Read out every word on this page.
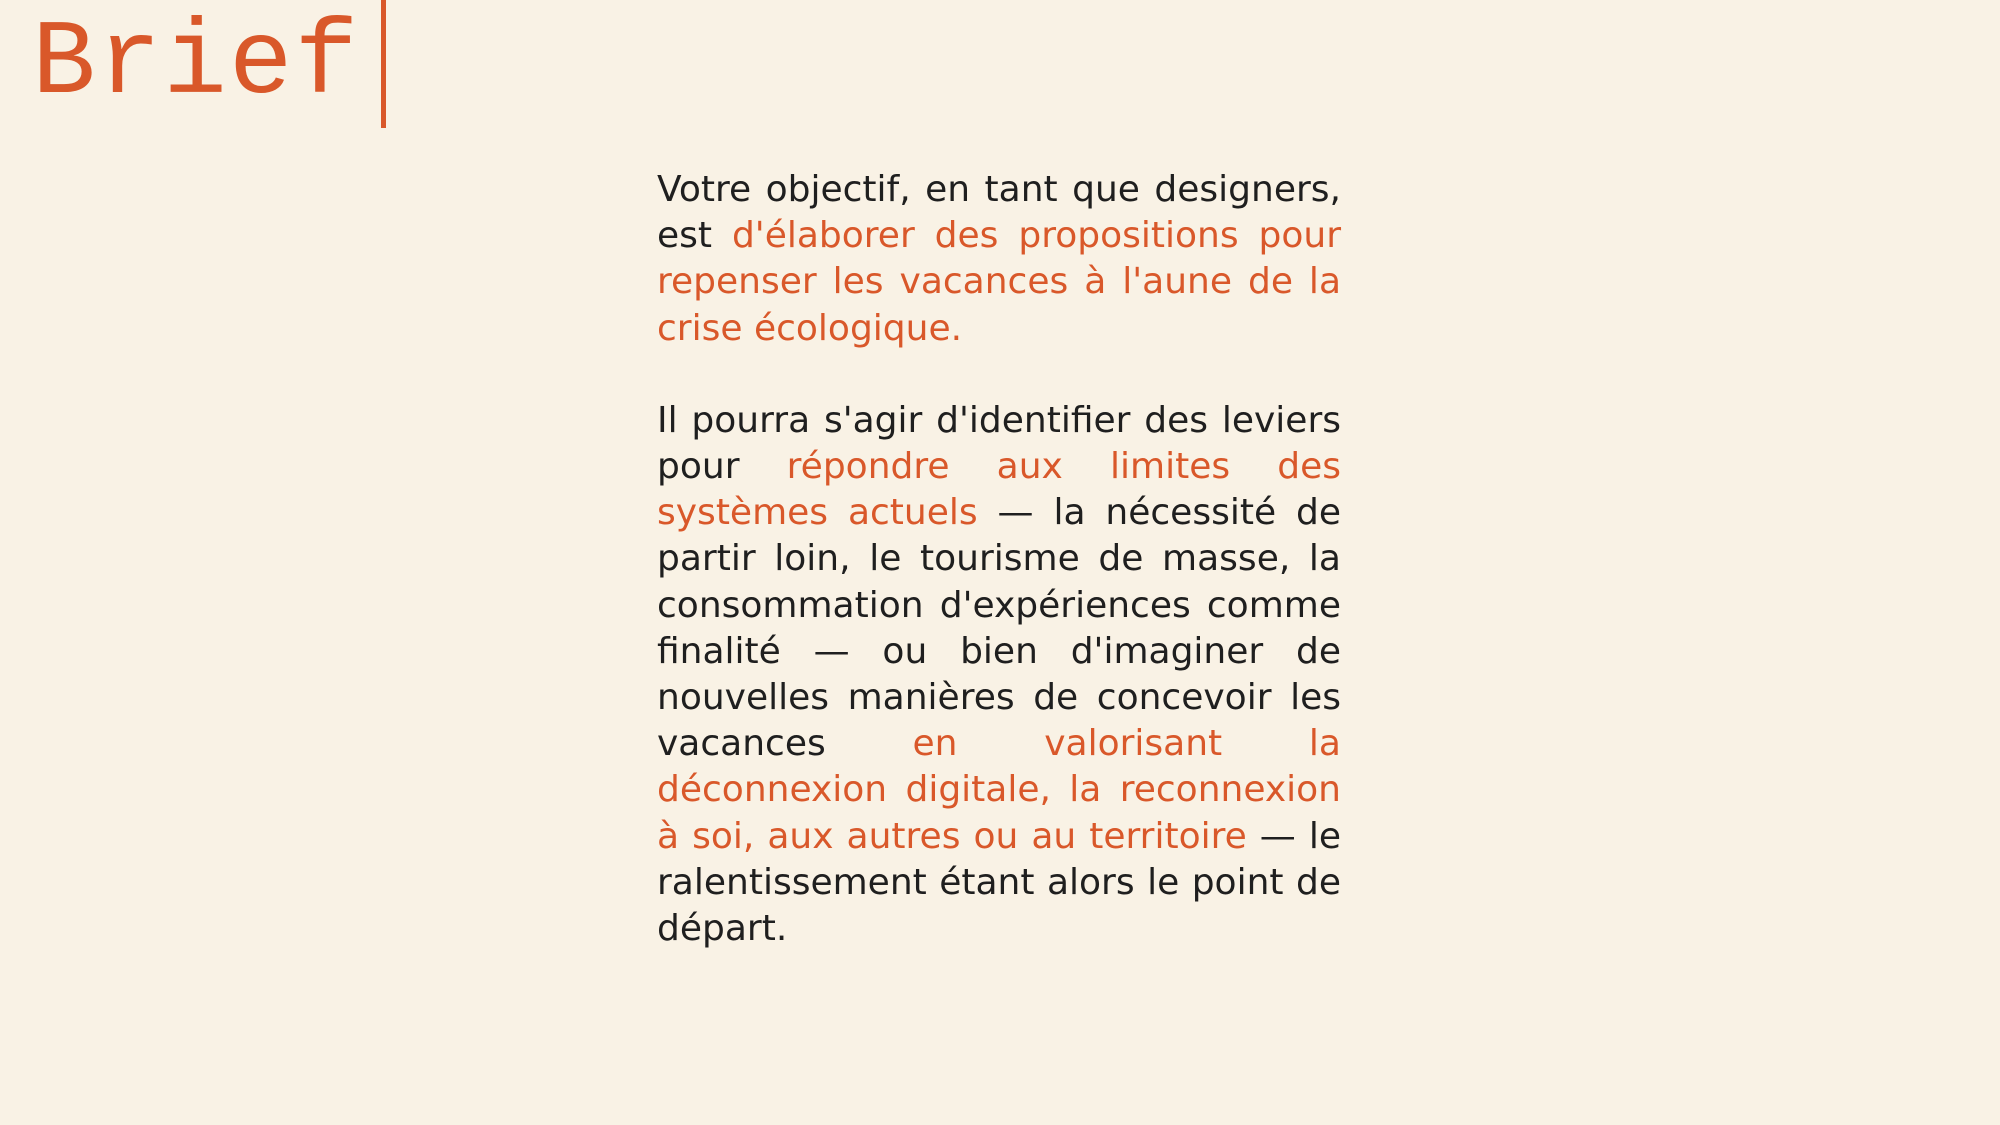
Brief

Votre objectif, en tant que designers, est d'élaborer des propositions pour repenser les vacances à l'aune de la crise écologique.

Il pourra s'agir d'identifier des leviers pour répondre aux limites des systèmes actuels — la nécessité de partir loin, le tourisme de masse, la consommation d'expériences comme finalité — ou bien d'imaginer de nouvelles manières de concevoir les vacances en valorisant la déconnexion digitale, la reconnexion à soi, aux autres ou au territoire — le ralentissement étant alors le point de départ.
